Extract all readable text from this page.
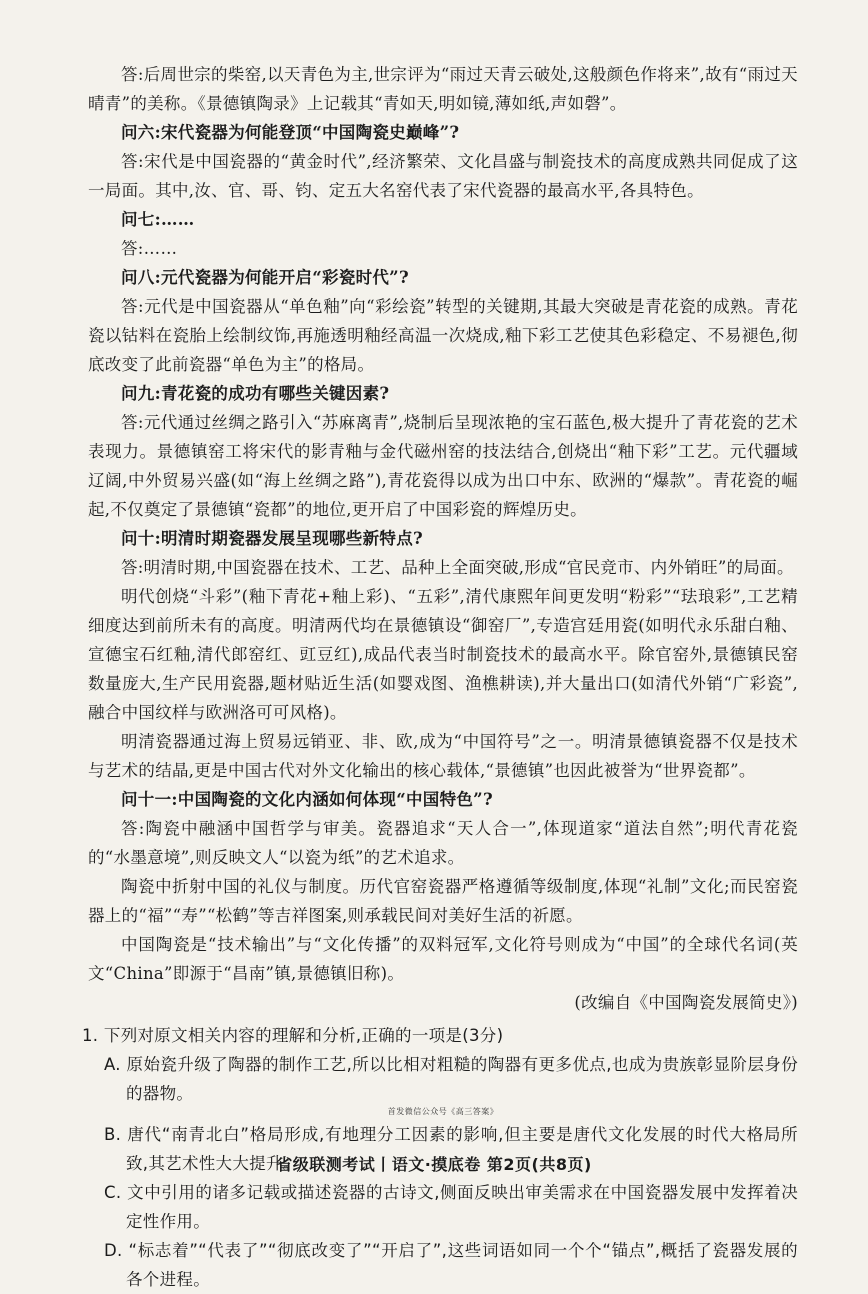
答:后周世宗的柴窑,以天青色为主,世宗评为“雨过天青云破处,这般颜色作将来”,故有“雨过天晴青”的美称。《景德镇陶录》上记载其“青如天,明如镜,薄如纸,声如磬”。

问六:宋代瓷器为何能登顶“中国陶瓷史巅峰”?

答:宋代是中国瓷器的“黄金时代”,经济繁荣、文化昌盛与制瓷技术的高度成熟共同促成了这一局面。其中,汝、官、哥、钧、定五大名窑代表了宋代瓷器的最高水平,各具特色。

问七:……

答:……

问八:元代瓷器为何能开启“彩瓷时代”?

答:元代是中国瓷器从“单色釉”向“彩绘瓷”转型的关键期,其最大突破是青花瓷的成熟。青花瓷以钴料在瓷胎上绘制纹饰,再施透明釉经高温一次烧成,釉下彩工艺使其色彩稳定、不易褪色,彻底改变了此前瓷器“单色为主”的格局。

问九:青花瓷的成功有哪些关键因素?

答:元代通过丝绸之路引入“苏麻离青”,烧制后呈现浓艳的宝石蓝色,极大提升了青花瓷的艺术表现力。景德镇窑工将宋代的影青釉与金代磁州窑的技法结合,创烧出“釉下彩”工艺。元代疆域辽阔,中外贸易兴盛(如“海上丝绸之路”),青花瓷得以成为出口中东、欧洲的“爆款”。青花瓷的崛起,不仅奠定了景德镇“瓷都”的地位,更开启了中国彩瓷的辉煌历史。

问十:明清时期瓷器发展呈现哪些新特点?

答:明清时期,中国瓷器在技术、工艺、品种上全面突破,形成“官民竞市、内外销旺”的局面。

明代创烧“斗彩”(釉下青花+釉上彩)、“五彩”,清代康熙年间更发明“粉彩”“珐琅彩”,工艺精细度达到前所未有的高度。明清两代均在景德镇设“御窑厂”,专造宫廷用瓷(如明代永乐甜白釉、宣德宝石红釉,清代郎窑红、豇豆红),成品代表当时制瓷技术的最高水平。除官窑外,景德镇民窑数量庞大,生产民用瓷器,题材贴近生活(如婴戏图、渔樵耕读),并大量出口(如清代外销“广彩瓷”,融合中国纹样与欧洲洛可可风格)。

明清瓷器通过海上贸易远销亚、非、欧,成为“中国符号”之一。明清景德镇瓷器不仅是技术与艺术的结晶,更是中国古代对外文化输出的核心载体,“景德镇”也因此被誉为“世界瓷都”。

问十一:中国陶瓷的文化内涵如何体现“中国特色”?

答:陶瓷中融涵中国哲学与审美。瓷器追求“天人合一”,体现道家“道法自然”;明代青花瓷的“水墨意境”,则反映文人“以瓷为纸”的艺术追求。

陶瓷中折射中国的礼仪与制度。历代官窑瓷器严格遵循等级制度,体现“礼制”文化;而民窑瓷器上的“福”“寿”“松鹤”等吉祥图案,则承载民间对美好生活的祈愿。

中国陶瓷是“技术输出”与“文化传播”的双料冠军,文化符号则成为“中国”的全球代名词(英文“China”即源于“昌南”镇,景德镇旧称)。

(改编自《中国陶瓷发展简史》)

1. 下列对原文相关内容的理解和分析,正确的一项是(3分)

A. 原始瓷升级了陶器的制作工艺,所以比相对粗糙的陶器有更多优点,也成为贵族彰显阶层身份的器物。

首发微信公众号《高三答案》

B. 唐代“南青北白”格局形成,有地理分工因素的影响,但主要是唐代文化发展的时代大格局所致,其艺术性大大提升。

C. 文中引用的诸多记载或描述瓷器的古诗文,侧面反映出审美需求在中国瓷器发展中发挥着决定性作用。

D. “标志着”“代表了”“彻底改变了”“开启了”,这些词语如同一个个“锚点”,概括了瓷器发展的各个进程。

省级联测考试丨语文·摸底卷 第2页(共8页)
